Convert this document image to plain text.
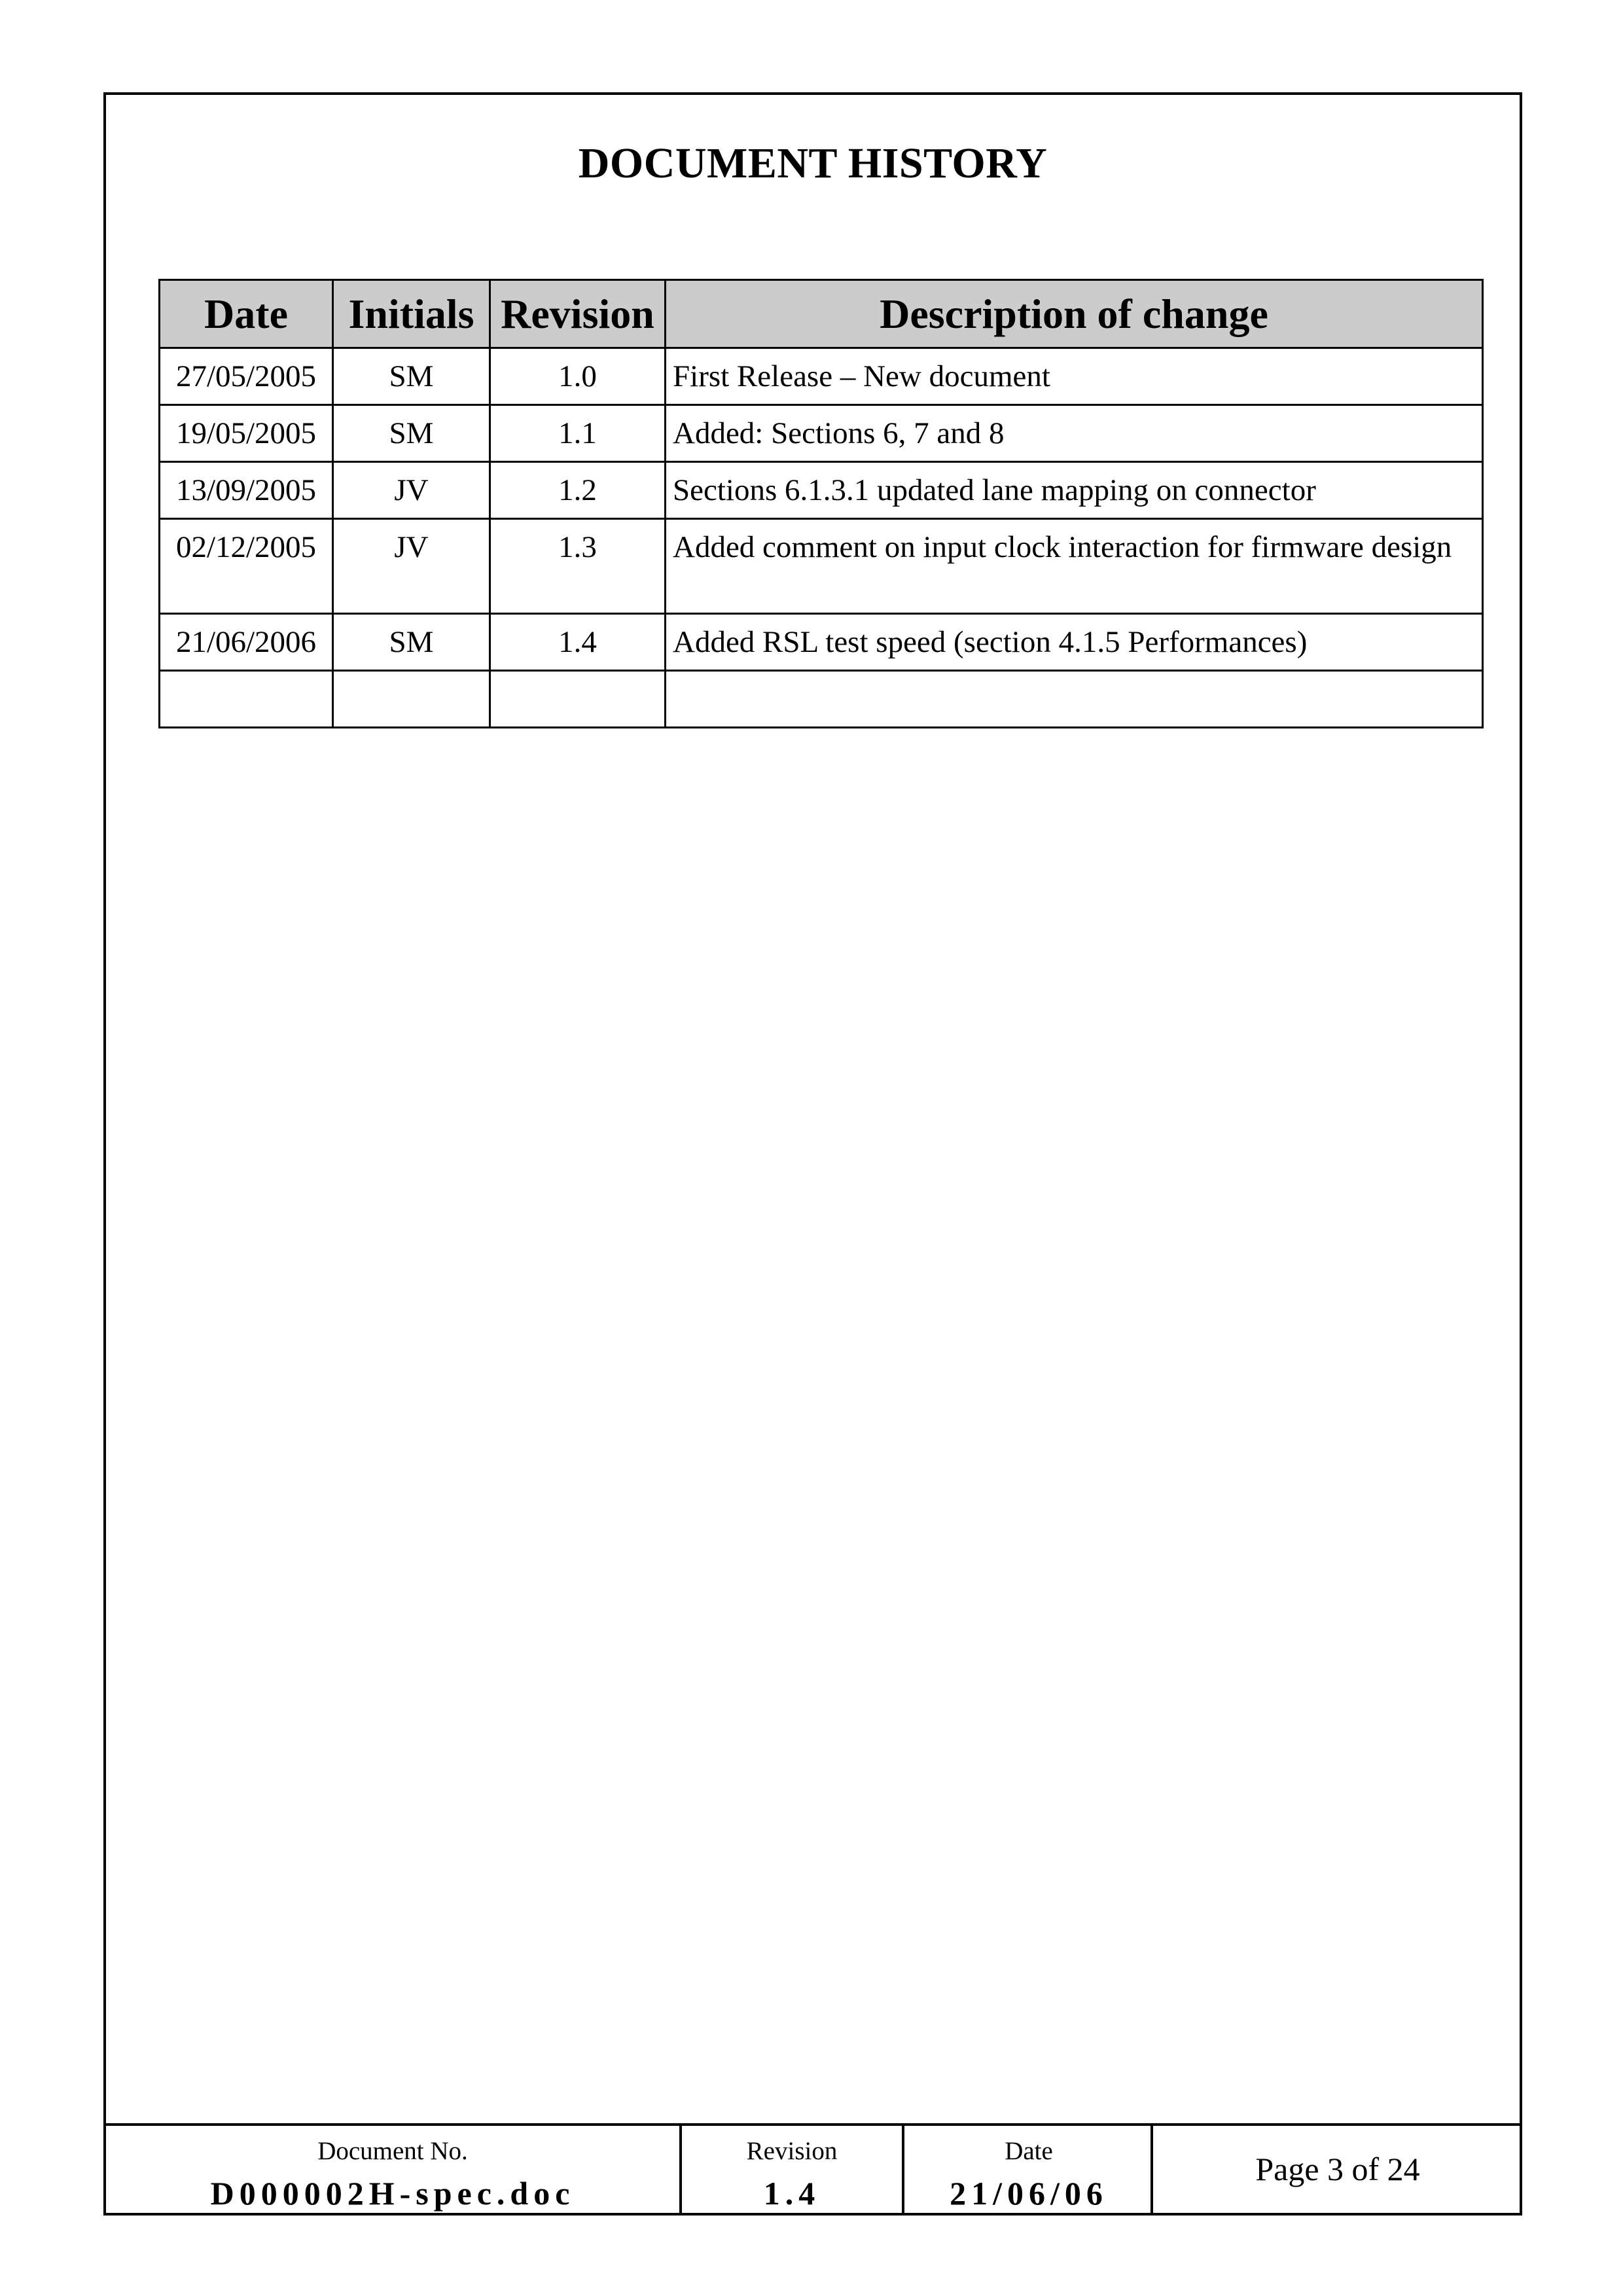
DOCUMENT HISTORY
Date	Initials	Revision	Description of change
27/05/2005	SM	1.0	First Release – New document
19/05/2005	SM	1.1	Added: Sections 6, 7 and 8
13/09/2005	JV	1.2	Sections 6.1.3.1 updated lane mapping on connector
02/12/2005	JV	1.3	Added comment on input clock interaction for firmware design
21/06/2006	SM	1.4	Added RSL test speed (section 4.1.5 Performances)

Document No.
D000002H-spec.doc
Revision
1.4
Date
21/06/06
Page 3 of 24
